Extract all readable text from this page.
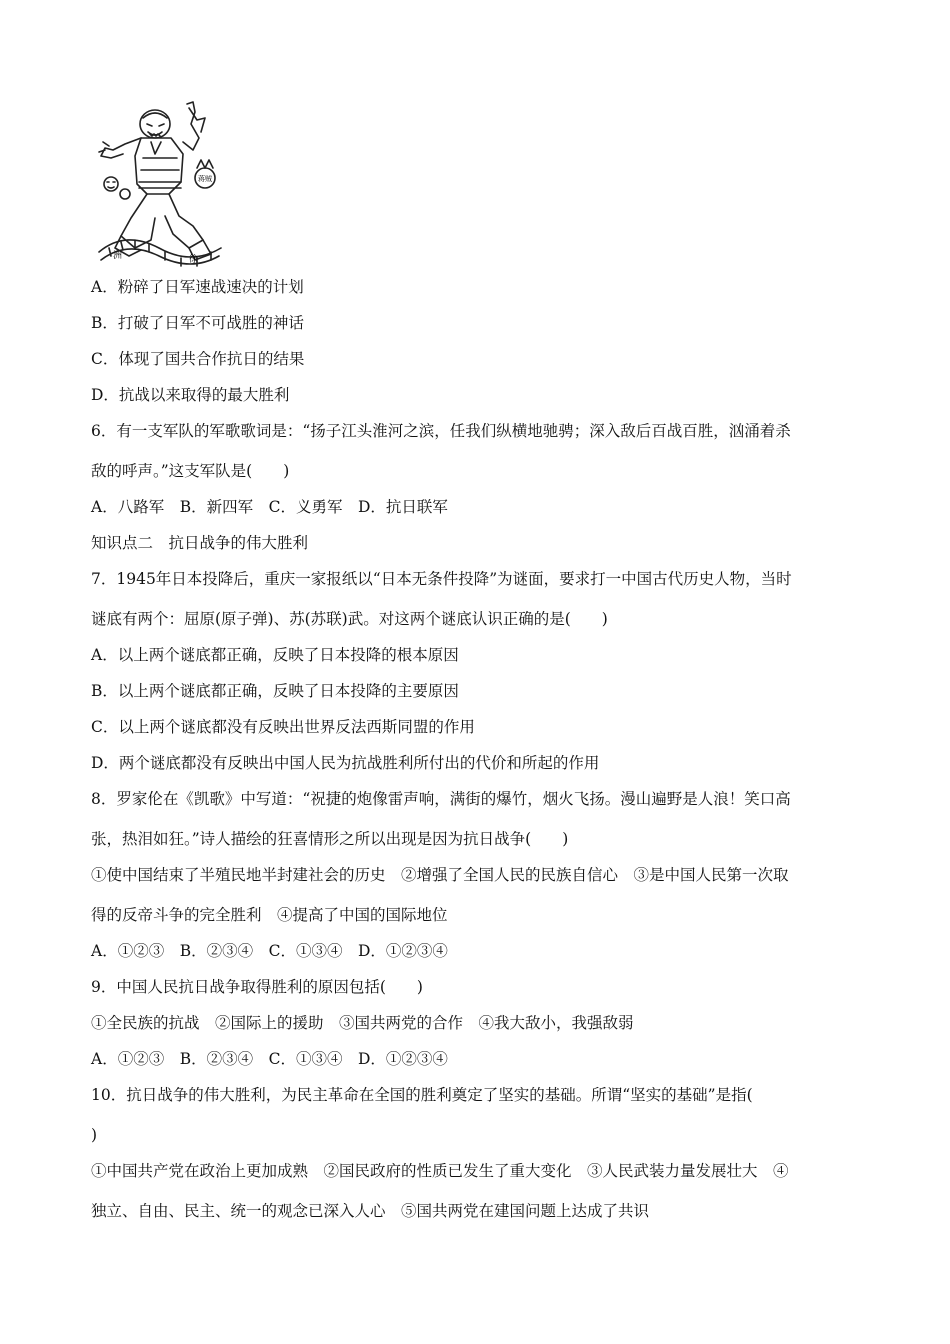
蒋贼
洲	徐
A．粉碎了日军速战速决的计划
B．打破了日军不可战胜的神话
C．体现了国共合作抗日的结果
D．抗战以来取得的最大胜利
6．有一支军队的军歌歌词是：“扬子江头淮河之滨，任我们纵横地驰骋；深入敌后百战百胜，汹涌着杀
敌的呼声。”这支军队是(　　)
A．八路军　B．新四军　C．义勇军　D．抗日联军
知识点二　抗日战争的伟大胜利
7．1945年日本投降后，重庆一家报纸以“日本无条件投降”为谜面，要求打一中国古代历史人物，当时
谜底有两个：屈原(原子弹)、苏(苏联)武。对这两个谜底认识正确的是(　　)
A．以上两个谜底都正确，反映了日本投降的根本原因
B．以上两个谜底都正确，反映了日本投降的主要原因
C．以上两个谜底都没有反映出世界反法西斯同盟的作用
D．两个谜底都没有反映出中国人民为抗战胜利所付出的代价和所起的作用
8．罗家伦在《凯歌》中写道：“祝捷的炮像雷声响，满街的爆竹，烟火飞扬。漫山遍野是人浪！笑口高
张，热泪如狂。”诗人描绘的狂喜情形之所以出现是因为抗日战争(　　)
①使中国结束了半殖民地半封建社会的历史　②增强了全国人民的民族自信心　③是中国人民第一次取
得的反帝斗争的完全胜利　④提高了中国的国际地位
A．①②③　B．②③④　C．①③④　D．①②③④
9．中国人民抗日战争取得胜利的原因包括(　　)
①全民族的抗战　②国际上的援助　③国共两党的合作　④我大敌小，我强敌弱
A．①②③　B．②③④　C．①③④　D．①②③④
10．抗日战争的伟大胜利，为民主革命在全国的胜利奠定了坚实的基础。所谓“坚实的基础”是指(
)
①中国共产党在政治上更加成熟　②国民政府的性质已发生了重大变化　③人民武装力量发展壮大　④
独立、自由、民主、统一的观念已深入人心　⑤国共两党在建国问题上达成了共识
